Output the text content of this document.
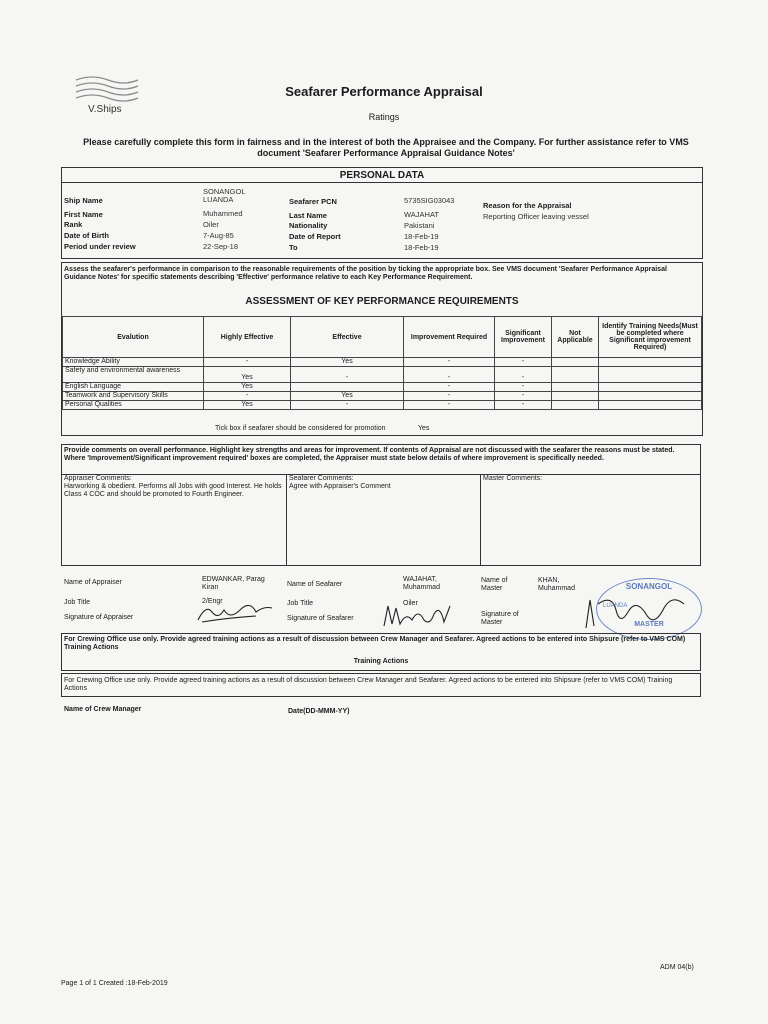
V.Ships
Seafarer Performance Appraisal
Ratings
Please carefully complete this form in fairness and in the interest of both the Appraisee and the Company. For further assistance refer to VMS document 'Seafarer Performance Appraisal Guidance Notes'
PERSONAL DATA
Ship Name
SONANGOL LUANDA
First Name	Muhammed
Rank	Oiler
Date of Birth	7-Aug-85
Period under review	22-Sep-18
Seafarer PCN	5735SIG03043
Last Name	WAJAHAT
Nationality	Pakistani
Date of Report	18-Feb-19
To	18-Feb-19
Reason for the Appraisal
Reporting Officer leaving vessel
Assess the seafarer's performance in comparison to the reasonable requirements of the position by ticking the appropriate box. See VMS document 'Seafarer Performance Appraisal Guidance Notes' for specific statements describing 'Effective' performance relative to each Key Performance Requirement.
ASSESSMENT OF KEY PERFORMANCE REQUIREMENTS
Evalution	Highly Effective	Effective	Improvement Required	Significant Improvement	Not Applicable	Identify Training Needs(Must be completed where Significant improvement Required)
Knowledge Ability	-	Yes	-	-		
Safety and environmental awareness	Yes	-	-	-		
English Language	Yes		-	-		
Teamwork and Supervisory Skills	-	Yes	-	-		
Personal Qualities	Yes	-	-	-		
Tick box if seafarer should be considered for promotion	Yes
Provide comments on overall performance. Highlight key strengths and areas for improvement. If contents of Appraisal are not discussed with the seafarer the reasons must be stated. Where 'Improvement/Significant improvement required' boxes are completed, the Appraiser must state below details of where improvement is specifically needed.
Appraiser Comments:
Harworking & obedient. Performs all Jobs with good Interest. He holds Class 4 COC and should be promoted to Fourth Engineer.
Seafarer Comments:
Agree with Appraiser's Comment
Master Comments:
Name of Appraiser	EDWANKAR, Parag Kiran
Job Title	2/Engr
Signature of Appraiser
Name of Seafarer
WAJAHAT, Muhammad
Job Title	Oiler
Signature of Seafarer
Name of Master
KHAN, Muhammad
Signature of Master
SONANGOL
LUANDA
MASTER
For Crewing Office use only. Provide agreed training actions as a result of discussion between Crew Manager and Seafarer. Agreed actions to be entered into Shipsure (refer to VMS COM) Training Actions
Training Actions
For Crewing Office use only. Provide agreed training actions as a result of discussion between Crew Manager and Seafarer. Agreed actions to be entered into Shipsure (refer to VMS COM) Training Actions
Name of Crew Manager	Date(DD-MMM-YY)
ADM 04(b)
Page 1 of 1 Created :18-Feb-2019
